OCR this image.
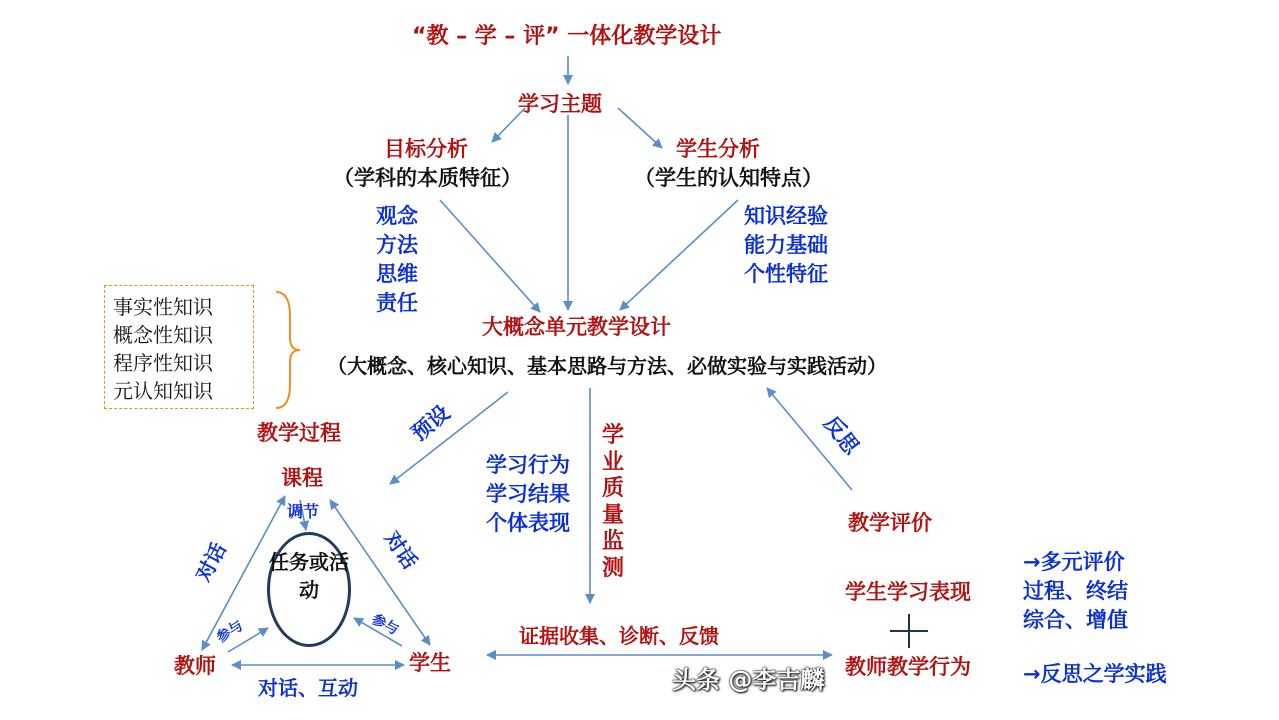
“教 – 学 – 评” 一体化教学设计
学习主题
目标分析
（学科的本质特征）
观念
方法
思维
责任
学生分析
（学生的认知特点）
知识经验
能力基础
个性特征
事实性知识
概念性知识
程序性知识
元认知知识
大概念单元教学设计
（大概念、核心知识、基本思路与方法、必做实验与实践活动）
预设	反思
教学过程
课程
教师	学生
调节
任务或活动
对话	对话
参与	参与
对话、互动
学习行为
学习结果
个体表现
学业质量监测
证据收集、诊断、反馈
教学评价
学生学习表现
教师教学行为
→多元评价
过程、终结
综合、增值
→反思之学实践
头条 @李吉麟
